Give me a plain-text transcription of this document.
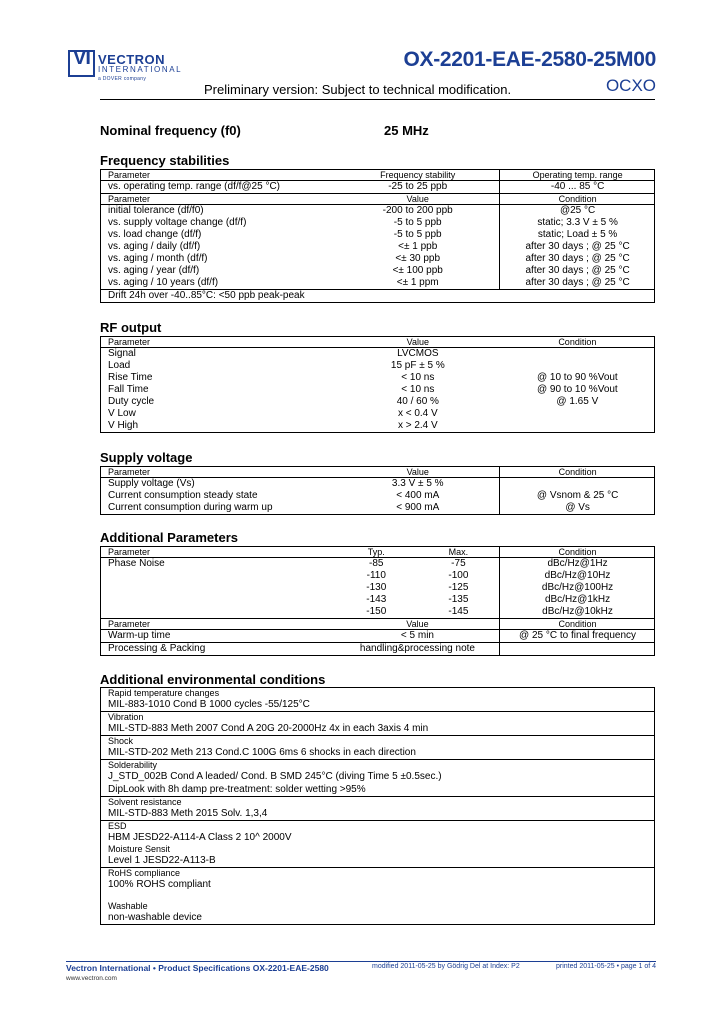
VI VECTRON
INTERNATIONAL
a DOVER company
OX-2201-EAE-2580-25M00
Preliminary version: Subject to technical modification.	OCXO
Nominal frequency (f0)	25 MHz
Frequency stabilities
Parameter	Frequency stability	Operating temp. range
vs. operating temp. range (df/f@25 °C)	-25 to 25 ppb	-40 ... 85 °C
Parameter	Value	Condition
initial tolerance (df/f0)	-200 to 200 ppb	@25 °C
vs. supply voltage change (df/f)	-5 to 5 ppb	static; 3.3 V ± 5 %
vs. load change (df/f)	-5 to 5 ppb	static; Load ± 5 %
vs. aging / daily (df/f)	<± 1 ppb	after 30 days ; @ 25 °C
vs. aging / month (df/f)	<± 30 ppb	after 30 days ; @ 25 °C
vs. aging / year (df/f)	<± 100 ppb	after 30 days ; @ 25 °C
vs. aging / 10 years (df/f)	<± 1 ppm	after 30 days ; @ 25 °C
Drift 24h over -40..85°C: <50 ppb peak-peak		
RF output
Parameter	Value	Condition
Signal	LVCMOS	
Load	15 pF ± 5 %	
Rise Time	< 10 ns	@ 10 to 90 %Vout
Fall Time	< 10 ns	@ 90 to 10 %Vout
Duty cycle	40 / 60 %	@ 1.65 V
V Low	x < 0.4 V	
V High	x > 2.4 V	
Supply voltage
Parameter	Value	Condition
Supply voltage (Vs)	3.3 V ± 5 %	
Current consumption steady state	< 400 mA	@ Vsnom & 25 °C
Current consumption during warm up	< 900 mA	@ Vs
Additional Parameters
Parameter	Typ.	Max.	Condition
Phase Noise	-85	-75	dBc/Hz@1Hz
	-110	-100	dBc/Hz@10Hz
	-130	-125	dBc/Hz@100Hz
	-143	-135	dBc/Hz@1kHz
	-150	-145	dBc/Hz@10kHz
Parameter	Value		Condition
Warm-up time	< 5 min		@ 25 °C to final frequency
Processing & Packing	handling&processing note		
Additional environmental conditions
Rapid temperature changes
MIL-883-1010 Cond B 1000 cycles -55/125°C
Vibration
MIL-STD-883 Meth 2007 Cond A 20G 20-2000Hz 4x in each 3axis 4 min
Shock
MIL-STD-202 Meth 213 Cond.C 100G 6ms 6 shocks in each direction
Solderability
J_STD_002B Cond A leaded/ Cond. B SMD 245°C (diving Time 5 ±0.5sec.)
DipLook with 8h damp pre-treatment: solder wetting >95%
Solvent resistance
MIL-STD-883 Meth 2015 Solv. 1,3,4
ESD
HBM JESD22-A114-A Class 2 10^ 2000V
Moisture Sensit
Level 1 JESD22-A113-B
RoHS compliance
100% ROHS compliant
Washable
non-washable device
Vectron International • Product Specifications OX-2201-EAE-2580	modified 2011-05-25 by Gödrig Del at Index: P2	printed 2011-05-25 • page 1 of 4
www.vectron.com
